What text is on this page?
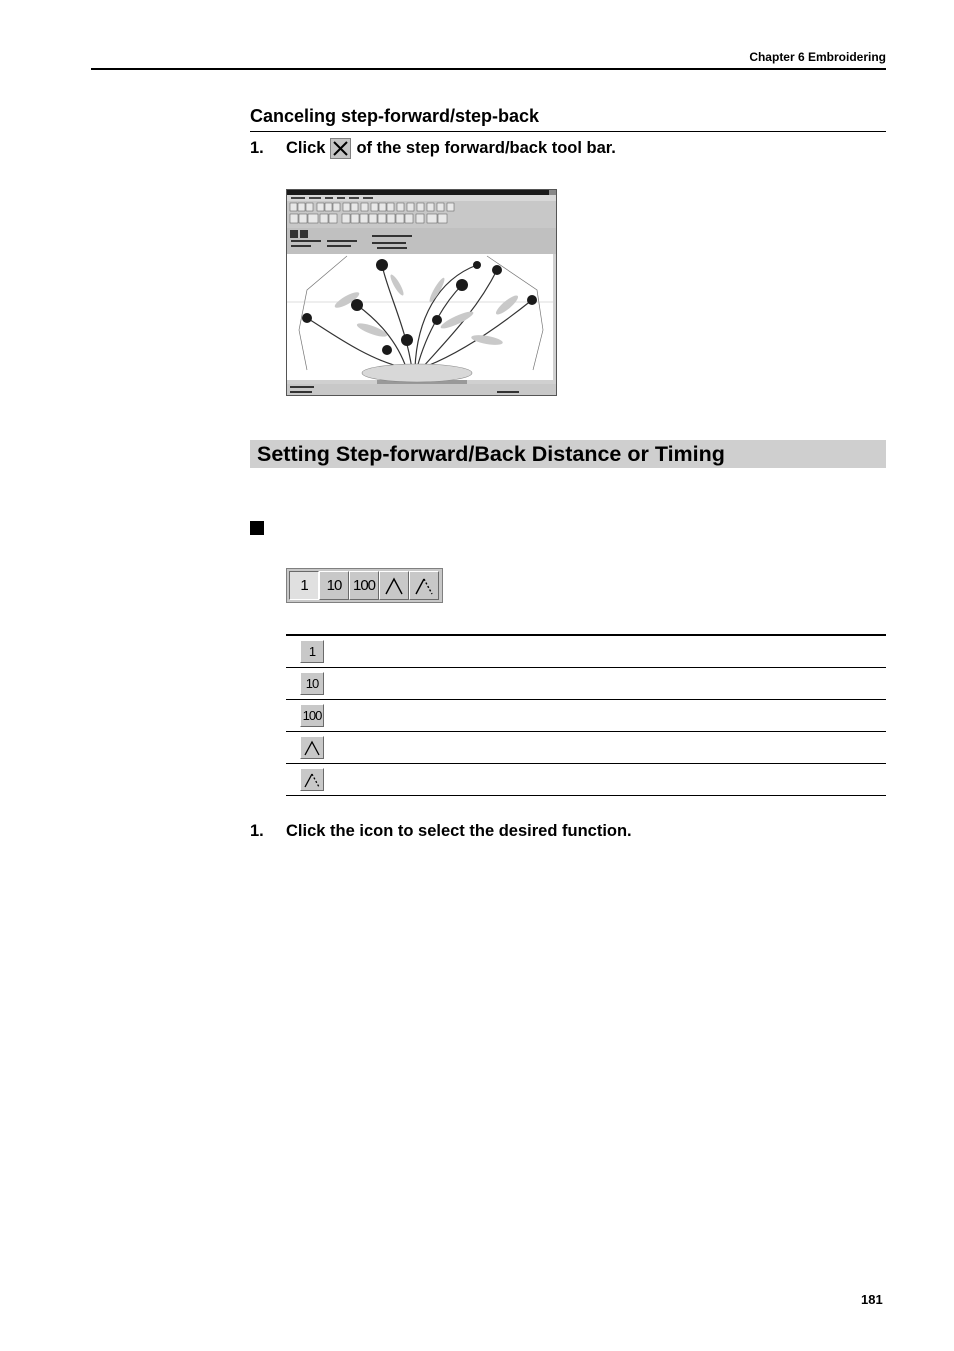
Chapter 6 Embroidering
Canceling step-forward/step-back
1.	Click of the step forward/back tool bar.
Setting Step-forward/Back Distance or Timing
1	10 100
1
10
100
1.	Click the icon to select the desired function.
181
